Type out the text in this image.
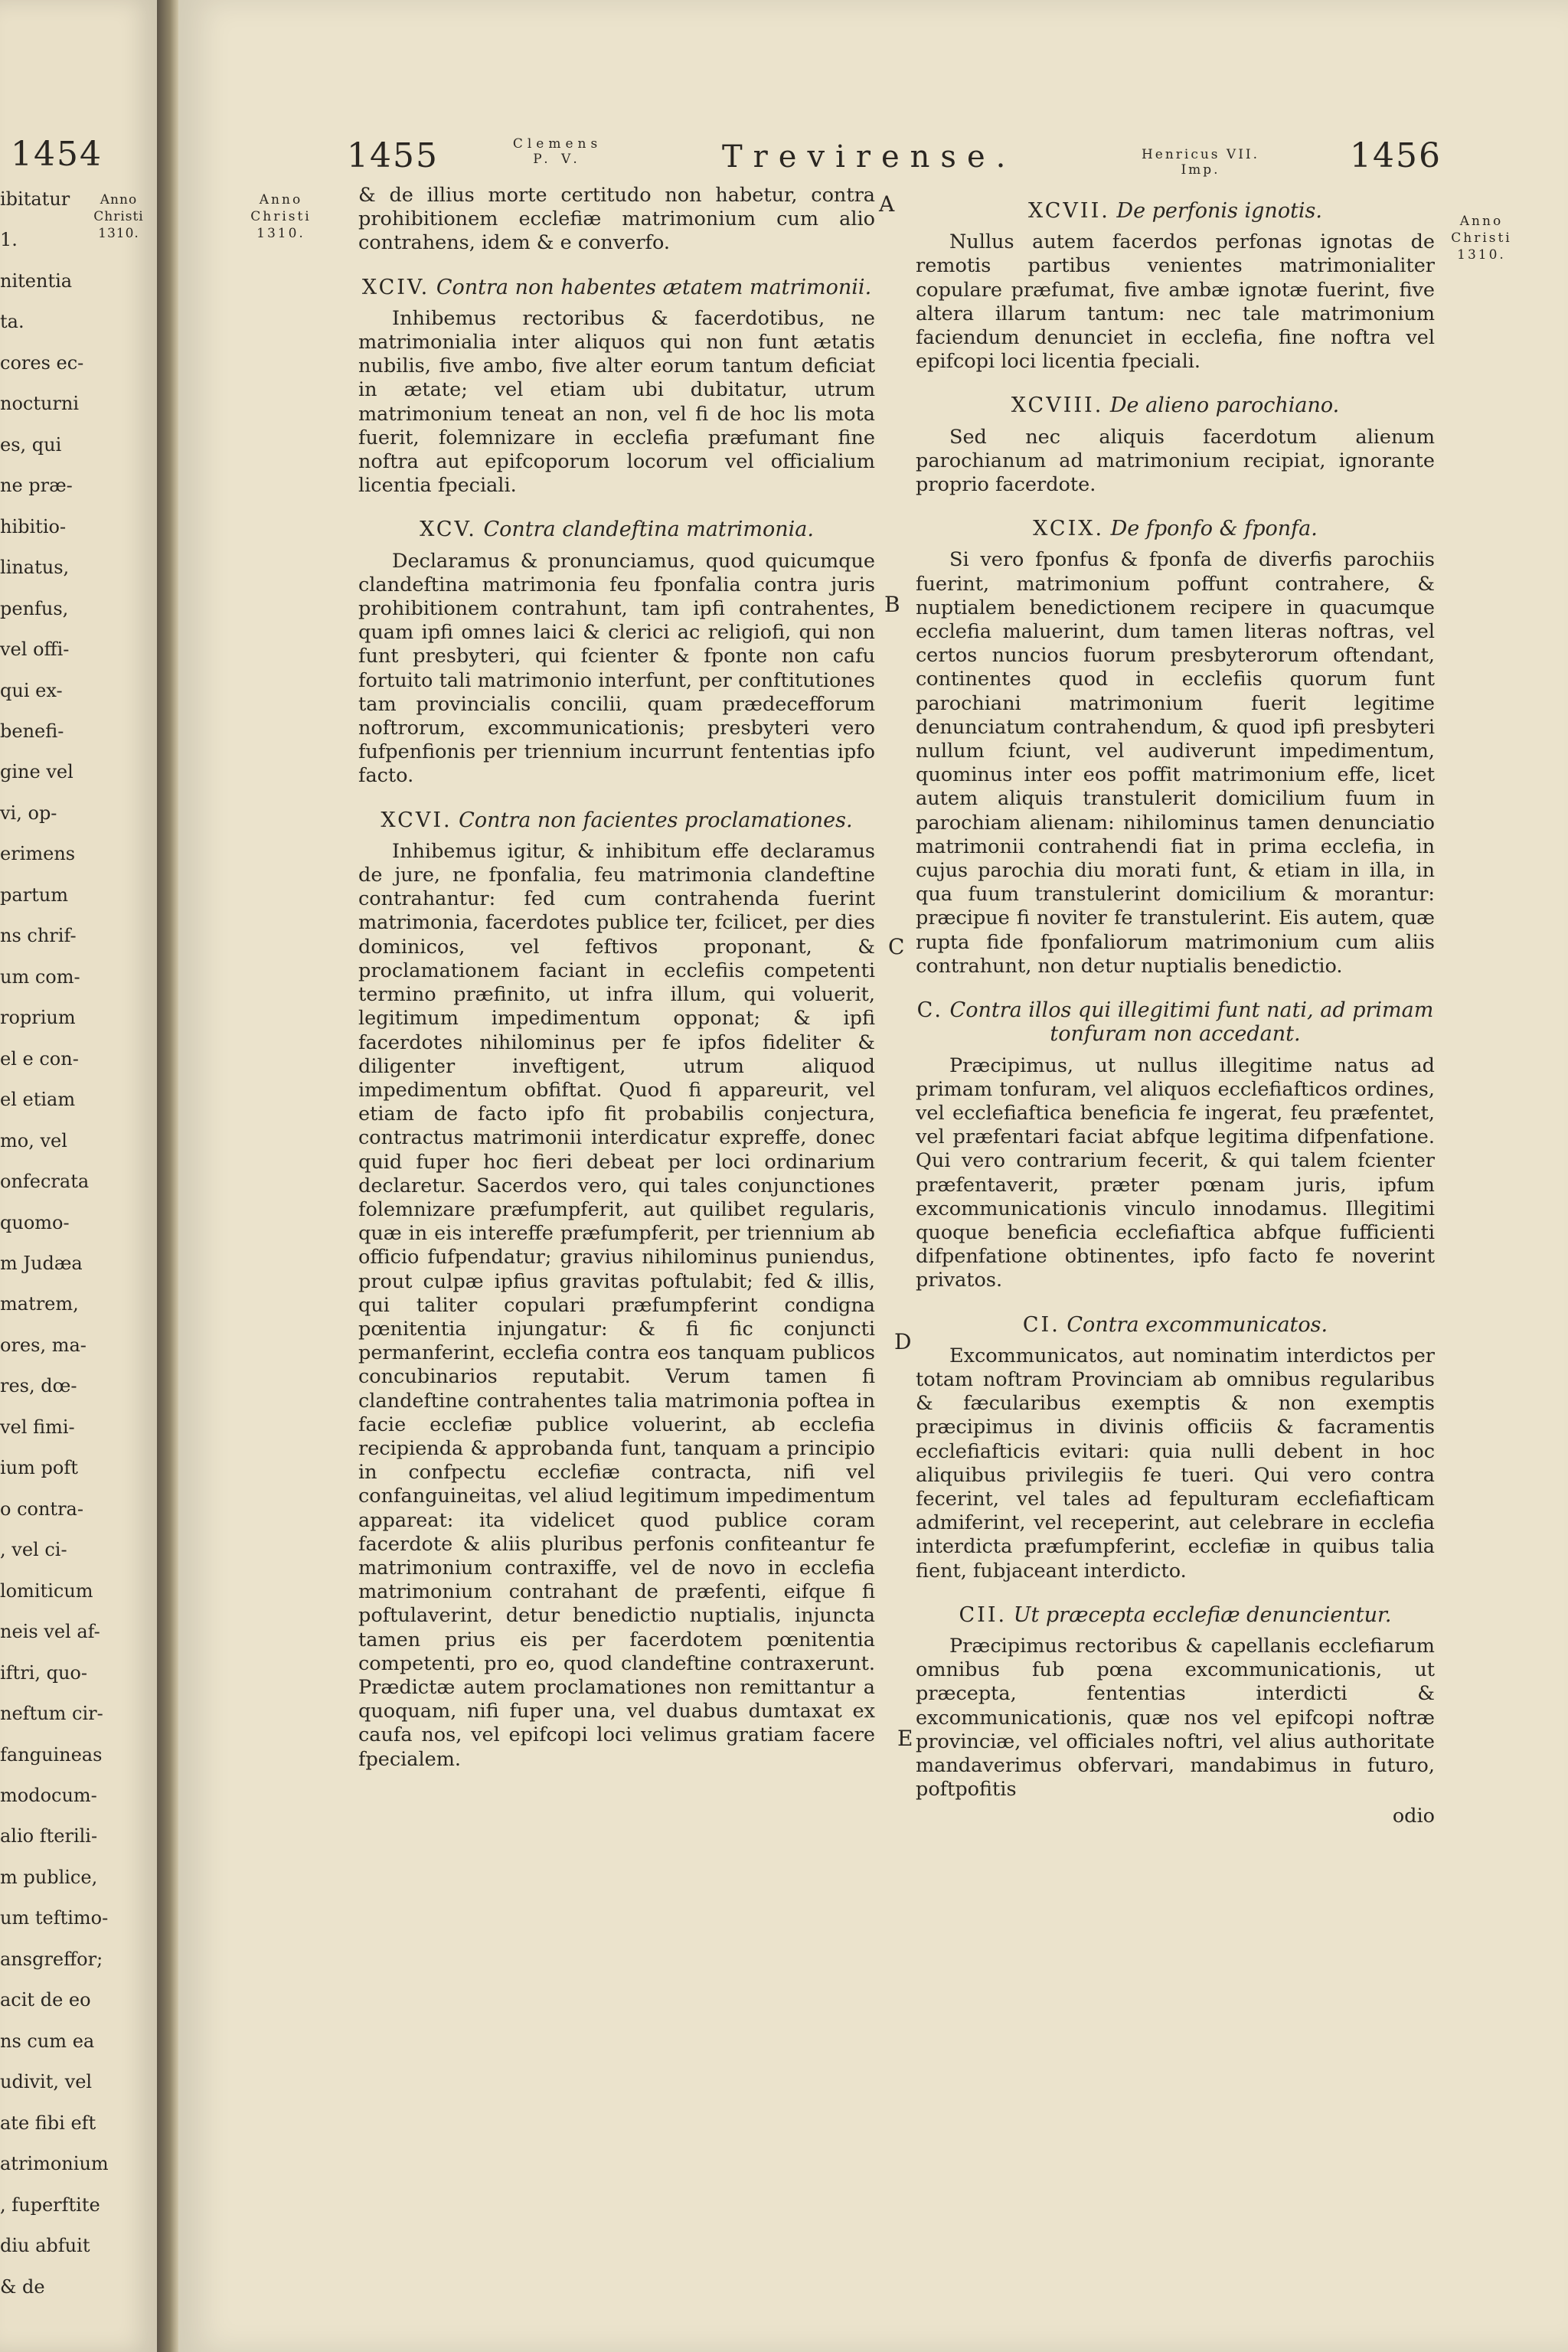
1454
Anno
Christi
1310.
ibitatur
1.
nitentia
ta.
cores ec-
nocturni
es, qui
ne præ-
hibitio-
linatus,
penfus,
vel offi-
qui ex-
benefi-
gine vel
vi, op-
erimens
partum
ns chrif-
um com-
roprium
el e con-
el etiam
mo, vel
onfecrata
quomo-
m Judæa
matrem,
ores, ma-
res, dœ-
vel fimi-
ium poft
o contra-
, vel ci-
lomiticum
neis vel af-
iftri, quo-
neftum cir-
fanguineas
modocum-
alio fterili-
m publice,
um teftimo-
ansgreffor;
acit de eo
ns cum ea
udivit, vel
ate fibi eft
atrimonium
, fuperftite
diu abfuit
& de
1455	Clemens
P. V.	Trevirense.	Henricus VII.
Imp.	1456
Anno
Christi
1310.
Anno
Christi
1310.
A
B
C
D
E

& de illius morte certitudo non habetur, contra prohibitionem ecclefiæ matrimonium cum alio contrahens, idem & e converfo.

XCIV. Contra non habentes ætatem matrimonii.

Inhibemus rectoribus & facerdotibus, ne matrimonialia inter aliquos qui non funt ætatis nubilis, five ambo, five alter eorum tantum deficiat in ætate; vel etiam ubi dubitatur, utrum matrimonium teneat an non, vel fi de hoc lis mota fuerit, folemnizare in ecclefia præfumant fine noftra aut epifcoporum locorum vel officialium licentia fpeciali.

XCV. Contra clandeftina matrimonia.

Declaramus & pronunciamus, quod quicumque clandeftina matrimonia feu fponfalia contra juris prohibitionem contrahunt, tam ipfi contrahentes, quam ipfi omnes laici & clerici ac religiofi, qui non funt presbyteri, qui fcienter & fponte non cafu fortuito tali matrimonio interfunt, per conftitutiones tam provincialis concilii, quam prædecefforum noftrorum, excommunicationis; presbyteri vero fufpenfionis per triennium incurrunt fententias ipfo facto.

XCVI. Contra non facientes proclamationes.

Inhibemus igitur, & inhibitum effe declaramus de jure, ne fponfalia, feu matrimonia clandeftine contrahantur: fed cum contrahenda fuerint matrimonia, facerdotes publice ter, fcilicet, per dies dominicos, vel feftivos proponant, & proclamationem faciant in ecclefiis competenti termino præfinito, ut infra illum, qui voluerit, legitimum impedimentum opponat; & ipfi facerdotes nihilominus per fe ipfos fideliter & diligenter inveftigent, utrum aliquod impedimentum obfiftat. Quod fi appareurit, vel etiam de facto ipfo fit probabilis conjectura, contractus matrimonii interdicatur expreffe, donec quid fuper hoc fieri debeat per loci ordinarium declaretur. Sacerdos vero, qui tales conjunctiones folemnizare præfumpferit, aut quilibet regularis, quæ in eis intereffe præfumpferit, per triennium ab officio fufpendatur; gravius nihilominus puniendus, prout culpæ ipfius gravitas poftulabit; fed & illis, qui taliter copulari præfumpferint condigna pœnitentia injungatur: & fi fic conjuncti permanferint, ecclefia contra eos tanquam publicos concubinarios reputabit. Verum tamen fi clandeftine contrahentes talia matrimonia poftea in facie ecclefiæ publice voluerint, ab ecclefia recipienda & approbanda funt, tanquam a principio in confpectu ecclefiæ contracta, nifi vel confanguineitas, vel aliud legitimum impedimentum appareat: ita videlicet quod publice coram facerdote & aliis pluribus perfonis confiteantur fe matrimonium contraxiffe, vel de novo in ecclefia matrimonium contrahant de præfenti, eifque fi poftulaverint, detur benedictio nuptialis, injuncta tamen prius eis per facerdotem pœnitentia competenti, pro eo, quod clandeftine contraxerunt. Prædictæ autem proclamationes non remittantur a quoquam, nifi fuper una, vel duabus dumtaxat ex caufa nos, vel epifcopi loci velimus gratiam facere fpecialem.

XCVII. De perfonis ignotis.

Nullus autem facerdos perfonas ignotas de remotis partibus venientes matrimonialiter copulare præfumat, five ambæ ignotæ fuerint, five altera illarum tantum: nec tale matrimonium faciendum denunciet in ecclefia, fine noftra vel epifcopi loci licentia fpeciali.

XCVIII. De alieno parochiano.

Sed nec aliquis facerdotum alienum parochianum ad matrimonium recipiat, ignorante proprio facerdote.

XCIX. De fponfo & fponfa.

Si vero fponfus & fponfa de diverfis parochiis fuerint, matrimonium poffunt contrahere, & nuptialem benedictionem recipere in quacumque ecclefia maluerint, dum tamen literas noftras, vel certos nuncios fuorum presbyterorum oftendant, continentes quod in ecclefiis quorum funt parochiani matrimonium fuerit legitime denunciatum contrahendum, & quod ipfi presbyteri nullum fciunt, vel audiverunt impedimentum, quominus inter eos poffit matrimonium effe, licet autem aliquis transtulerit domicilium fuum in parochiam alienam: nihilominus tamen denunciatio matrimonii contrahendi fiat in prima ecclefia, in cujus parochia diu morati funt, & etiam in illa, in qua fuum transtulerint domicilium & morantur: præcipue fi noviter fe transtulerint. Eis autem, quæ rupta fide fponfaliorum matrimonium cum aliis contrahunt, non detur nuptialis benedictio.

C. Contra illos qui illegitimi funt nati, ad primam tonfuram non accedant.

Præcipimus, ut nullus illegitime natus ad primam tonfuram, vel aliquos ecclefiafticos ordines, vel ecclefiaftica beneficia fe ingerat, feu præfentet, vel præfentari faciat abfque legitima difpenfatione. Qui vero contrarium fecerit, & qui talem fcienter præfentaverit, præter pœnam juris, ipfum excommunicationis vinculo innodamus. Illegitimi quoque beneficia ecclefiaftica abfque fufficienti difpenfatione obtinentes, ipfo facto fe noverint privatos.

CI. Contra excommunicatos.

Excommunicatos, aut nominatim interdictos per totam noftram Provinciam ab omnibus regularibus & fæcularibus exemptis & non exemptis præcipimus in divinis officiis & facramentis ecclefiafticis evitari: quia nulli debent in hoc aliquibus privilegiis fe tueri. Qui vero contra fecerint, vel tales ad fepulturam ecclefiafticam admiferint, vel receperint, aut celebrare in ecclefia interdicta præfumpferint, ecclefiæ in quibus talia fient, fubjaceant interdicto.

CII. Ut præcepta ecclefiæ denuncientur.

Præcipimus rectoribus & capellanis ecclefiarum omnibus fub pœna excommunicationis, ut præcepta, fententias interdicti & excommunicationis, quæ nos vel epifcopi noftræ provinciæ, vel officiales noftri, vel alius authoritate mandaverimus obfervari, mandabimus in futuro, poftpofitis

odio
